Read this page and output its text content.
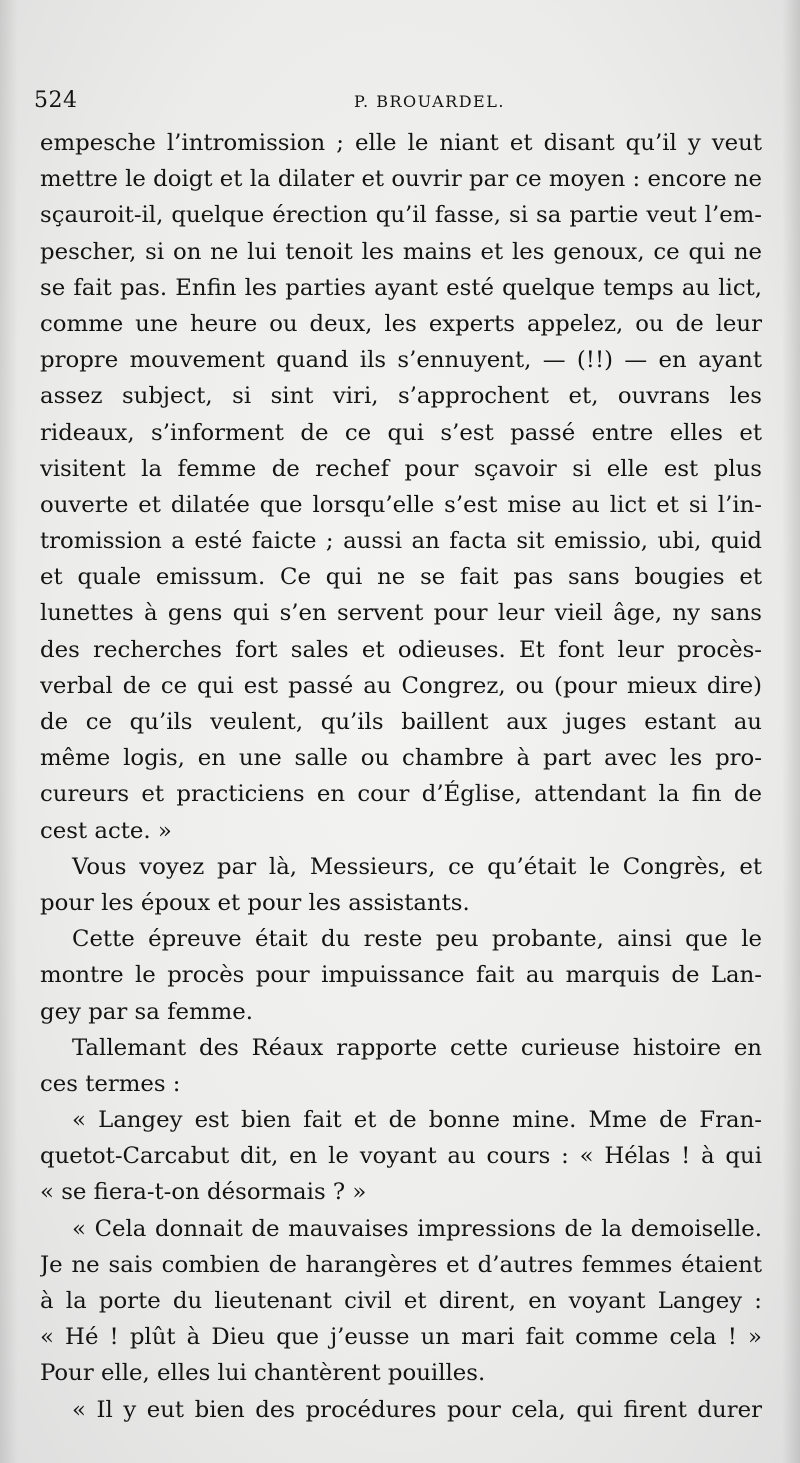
524	P. BROUARDEL.
empesche l’intromission ; elle le niant et disant qu’il y veut
mettre le doigt et la dilater et ouvrir par ce moyen : encore ne
sçauroit-il, quelque érection qu’il fasse, si sa partie veut l’em-
pescher, si on ne lui tenoit les mains et les genoux, ce qui ne
se fait pas. Enfin les parties ayant esté quelque temps au lict,
comme une heure ou deux, les experts appelez, ou de leur
propre mouvement quand ils s’ennuyent, — (!!) — en ayant
assez subject, si sint viri, s’approchent et, ouvrans les
rideaux, s’informent de ce qui s’est passé entre elles et
visitent la femme de rechef pour sçavoir si elle est plus
ouverte et dilatée que lorsqu’elle s’est mise au lict et si l’in-
tromission a esté faicte ; aussi an facta sit emissio, ubi, quid
et quale emissum. Ce qui ne se fait pas sans bougies et
lunettes à gens qui s’en servent pour leur vieil âge, ny sans
des recherches fort sales et odieuses. Et font leur procès-
verbal de ce qui est passé au Congrez, ou (pour mieux dire)
de ce qu’ils veulent, qu’ils baillent aux juges estant au
même logis, en une salle ou chambre à part avec les pro-
cureurs et practiciens en cour d’Église, attendant la fin de
cest acte. »
Vous voyez par là, Messieurs, ce qu’était le Congrès, et
pour les époux et pour les assistants.
Cette épreuve était du reste peu probante, ainsi que le
montre le procès pour impuissance fait au marquis de Lan-
gey par sa femme.
Tallemant des Réaux rapporte cette curieuse histoire en
ces termes :
« Langey est bien fait et de bonne mine. Mme de Fran-
quetot-Carcabut dit, en le voyant au cours : « Hélas ! à qui
« se fiera-t-on désormais ? »
« Cela donnait de mauvaises impressions de la demoiselle.
Je ne sais combien de harangères et d’autres femmes étaient
à la porte du lieutenant civil et dirent, en voyant Langey :
« Hé ! plût à Dieu que j’eusse un mari fait comme cela ! »
Pour elle, elles lui chantèrent pouilles.
« Il y eut bien des procédures pour cela, qui firent durer
